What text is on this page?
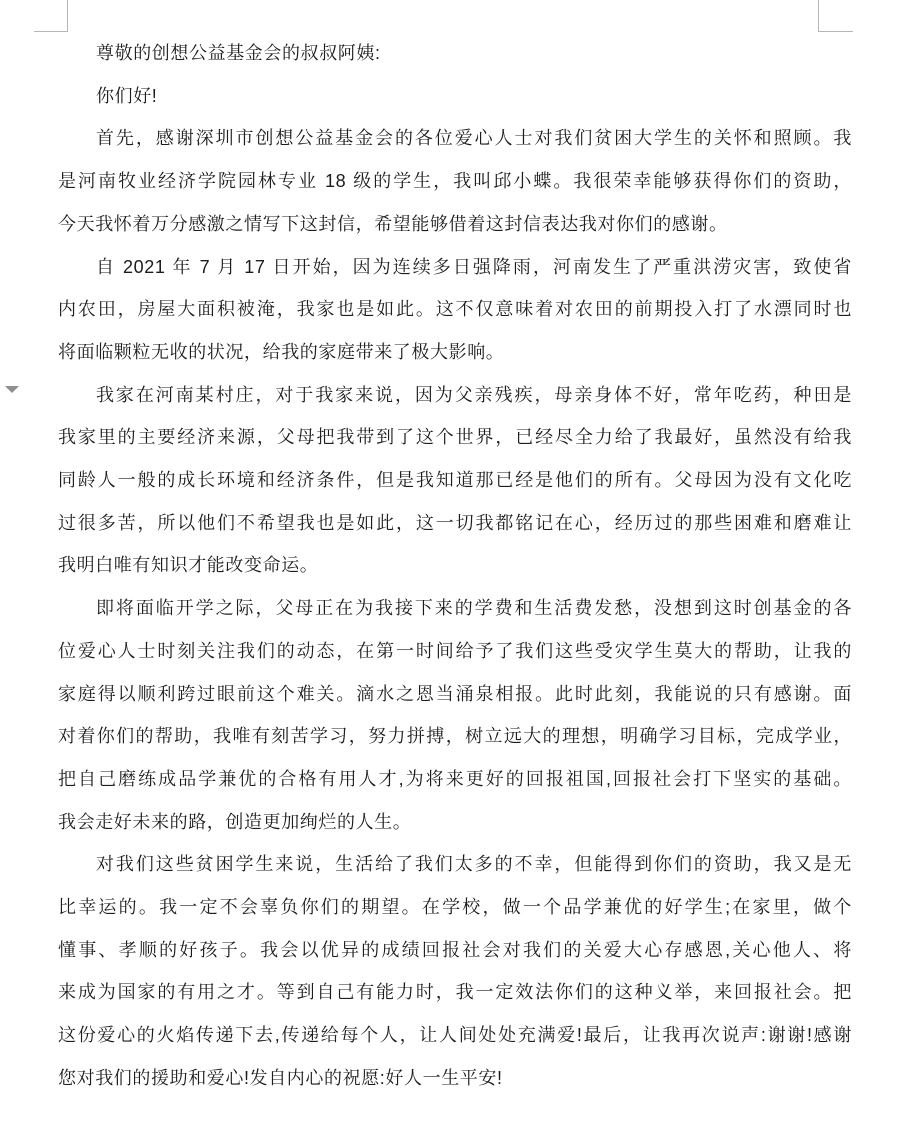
尊敬的创想公益基金会的叔叔阿姨:
你们好!
首先，感谢深圳市创想公益基金会的各位爱心人士对我们贫困大学生的关怀和照顾。我
是河南牧业经济学院园林专业 18 级的学生，我叫邱小蝶。我很荣幸能够获得你们的资助，
今天我怀着万分感激之情写下这封信，希望能够借着这封信表达我对你们的感谢。
自 2021 年 7 月 17 日开始，因为连续多日强降雨，河南发生了严重洪涝灾害，致使省
内农田，房屋大面积被淹，我家也是如此。这不仅意味着对农田的前期投入打了水漂同时也
将面临颗粒无收的状况，给我的家庭带来了极大影响。
我家在河南某村庄，对于我家来说，因为父亲残疾，母亲身体不好，常年吃药，种田是
我家里的主要经济来源，父母把我带到了这个世界，已经尽全力给了我最好，虽然没有给我
同龄人一般的成长环境和经济条件，但是我知道那已经是他们的所有。父母因为没有文化吃
过很多苦，所以他们不希望我也是如此，这一切我都铭记在心，经历过的那些困难和磨难让
我明白唯有知识才能改变命运。
即将面临开学之际，父母正在为我接下来的学费和生活费发愁，没想到这时创基金的各
位爱心人士时刻关注我们的动态，在第一时间给予了我们这些受灾学生莫大的帮助，让我的
家庭得以顺利跨过眼前这个难关。滴水之恩当涌泉相报。此时此刻，我能说的只有感谢。面
对着你们的帮助，我唯有刻苦学习，努力拼搏，树立远大的理想，明确学习目标，完成学业，
把自己磨练成品学兼优的合格有用人才,为将来更好的回报祖国,回报社会打下坚实的基础。
我会走好未来的路，创造更加绚烂的人生。
对我们这些贫困学生来说，生活给了我们太多的不幸，但能得到你们的资助，我又是无
比幸运的。我一定不会辜负你们的期望。在学校，做一个品学兼优的好学生;在家里，做个
懂事、孝顺的好孩子。我会以优异的成绩回报社会对我们的关爱大心存感恩,关心他人、将
来成为国家的有用之才。等到自己有能力时，我一定效法你们的这种义举，来回报社会。把
这份爱心的火焰传递下去,传递给每个人，让人间处处充满爱!最后，让我再次说声:谢谢!感谢
您对我们的援助和爱心!发自内心的祝愿:好人一生平安!
